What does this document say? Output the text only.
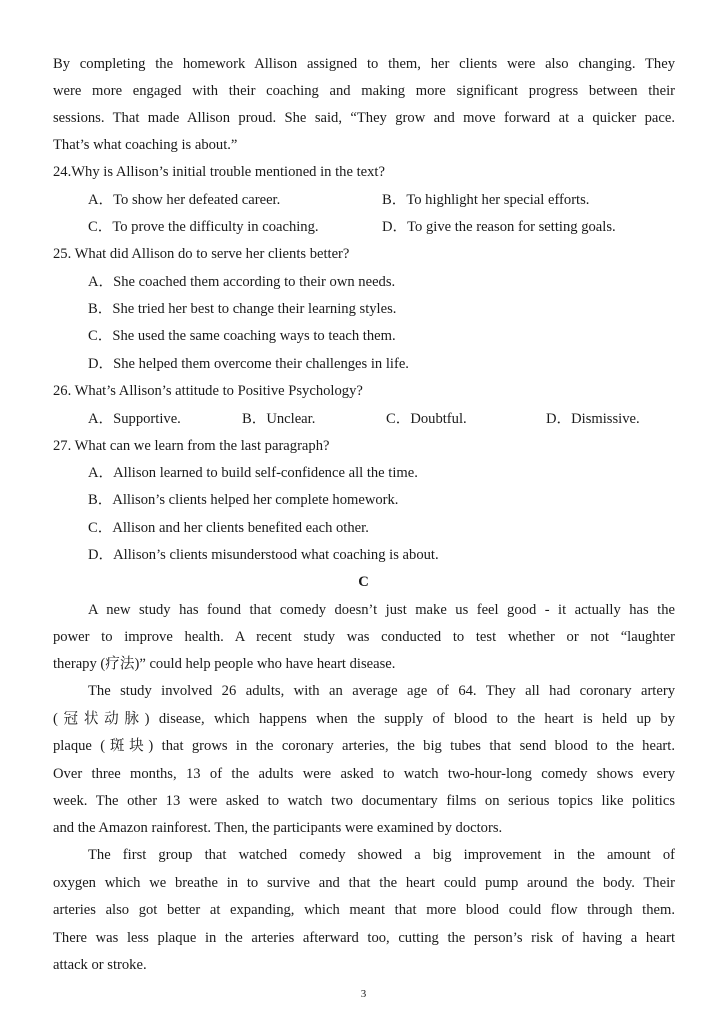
By completing the homework Allison assigned to them, her clients were also changing. They
were more engaged with their coaching and making more significant progress between their
sessions. That made Allison proud. She said, “They grow and move forward at a quicker pace.
That’s what coaching is about.”
24.Why is Allison’s initial trouble mentioned in the text?
A．To show her defeated career.	B．To highlight her special efforts.
C．To prove the difficulty in coaching.	D．To give the reason for setting goals.
25. What did Allison do to serve her clients better?
A．She coached them according to their own needs.
B．She tried her best to change their learning styles.
C．She used the same coaching ways to teach them.
D．She helped them overcome their challenges in life.
26. What’s Allison’s attitude to Positive Psychology?
A．Supportive.	B．Unclear.	C．Doubtful.	D．Dismissive.
27. What can we learn from the last paragraph?
A．Allison learned to build self-confidence all the time.
B．Allison’s clients helped her complete homework.
C．Allison and her clients benefited each other.
D．Allison’s clients misunderstood what coaching is about.
C
A new study has found that comedy doesn’t just make us feel good - it actually has the
power to improve health. A recent study was conducted to test whether or not “laughter
therapy (疗法)” could help people who have heart disease.
The study involved 26 adults, with an average age of 64. They all had coronary artery
(冠状动脉) disease, which happens when the supply of blood to the heart is held up by
plaque (斑块) that grows in the coronary arteries, the big tubes that send blood to the heart.
Over three months, 13 of the adults were asked to watch two-hour-long comedy shows every
week. The other 13 were asked to watch two documentary films on serious topics like politics
and the Amazon rainforest. Then, the participants were examined by doctors.
The first group that watched comedy showed a big improvement in the amount of
oxygen which we breathe in to survive and that the heart could pump around the body. Their
arteries also got better at expanding, which meant that more blood could flow through them.
There was less plaque in the arteries afterward too, cutting the person’s risk of having a heart
attack or stroke.
3
